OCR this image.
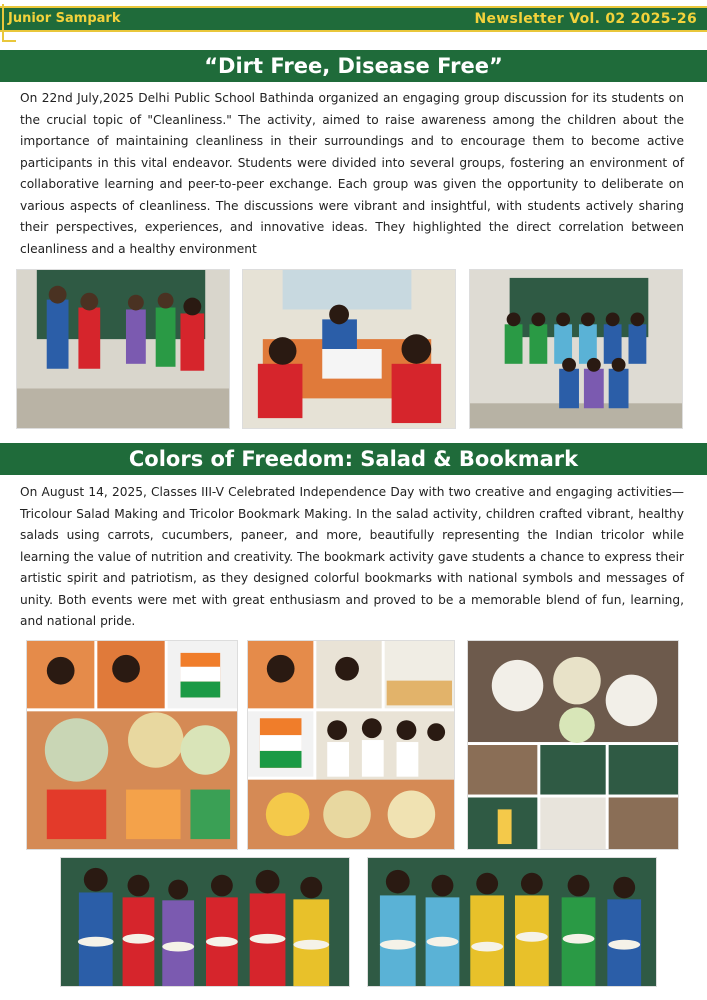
Junior Sampark	Newsletter Vol. 02 2025-26
“Dirt Free, Disease Free”

On 22nd July,2025 Delhi Public School Bathinda organized an engaging group discussion for its students on the crucial topic of "Cleanliness." The activity, aimed to raise awareness among the children about the importance of maintaining cleanliness in their surroundings and to encourage them to become active participants in this vital endeavor. Students were divided into several groups, fostering an environment of collaborative learning and peer-to-peer exchange. Each group was given the opportunity to deliberate on various aspects of cleanliness. The discussions were vibrant and insightful, with students actively sharing their perspectives, experiences, and innovative ideas. They highlighted the direct correlation between cleanliness and a healthy environment

Colors of Freedom: Salad & Bookmark

On August 14, 2025, Classes III-V Celebrated Independence Day with two creative and engaging activities—Tricolour Salad Making and Tricolor Bookmark Making. In the salad activity, children crafted vibrant, healthy salads using carrots, cucumbers, paneer, and more, beautifully representing the Indian tricolor while learning the value of nutrition and creativity. The bookmark activity gave students a chance to express their artistic spirit and patriotism, as they designed colorful bookmarks with national symbols and messages of unity. Both events were met with great enthusiasm and proved to be a memorable blend of fun, learning, and national pride.
